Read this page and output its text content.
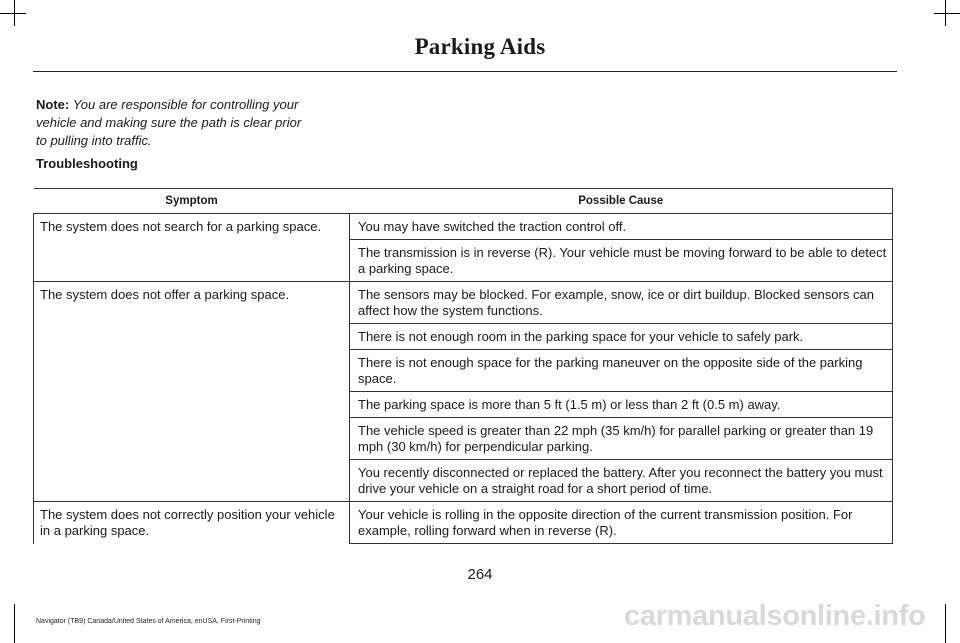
Parking Aids
Note: You are responsible for controlling your vehicle and making sure the path is clear prior to pulling into traffic.
Troubleshooting
Symptom	Possible Cause
The system does not search for a parking space.	You may have switched the traction control off.
	The transmission is in reverse (R). Your vehicle must be moving forward to be able to detect a parking space.
The system does not offer a parking space.	The sensors may be blocked. For example, snow, ice or dirt buildup. Blocked sensors can affect how the system functions.
	There is not enough room in the parking space for your vehicle to safely park.
	There is not enough space for the parking maneuver on the opposite side of the parking space.
	The parking space is more than 5 ft (1.5 m) or less than 2 ft (0.5 m) away.
	The vehicle speed is greater than 22 mph (35 km/h) for parallel parking or greater than 19 mph (30 km/h) for perpendicular parking.
	You recently disconnected or replaced the battery. After you reconnect the battery you must drive your vehicle on a straight road for a short period of time.
The system does not correctly position your vehicle in a parking space.	Your vehicle is rolling in the opposite direction of the current transmission position. For example, rolling forward when in reverse (R).
264
Navigator (TB9) Canada/United States of America, enUSA, First-Printing	carmanualsonline.info
